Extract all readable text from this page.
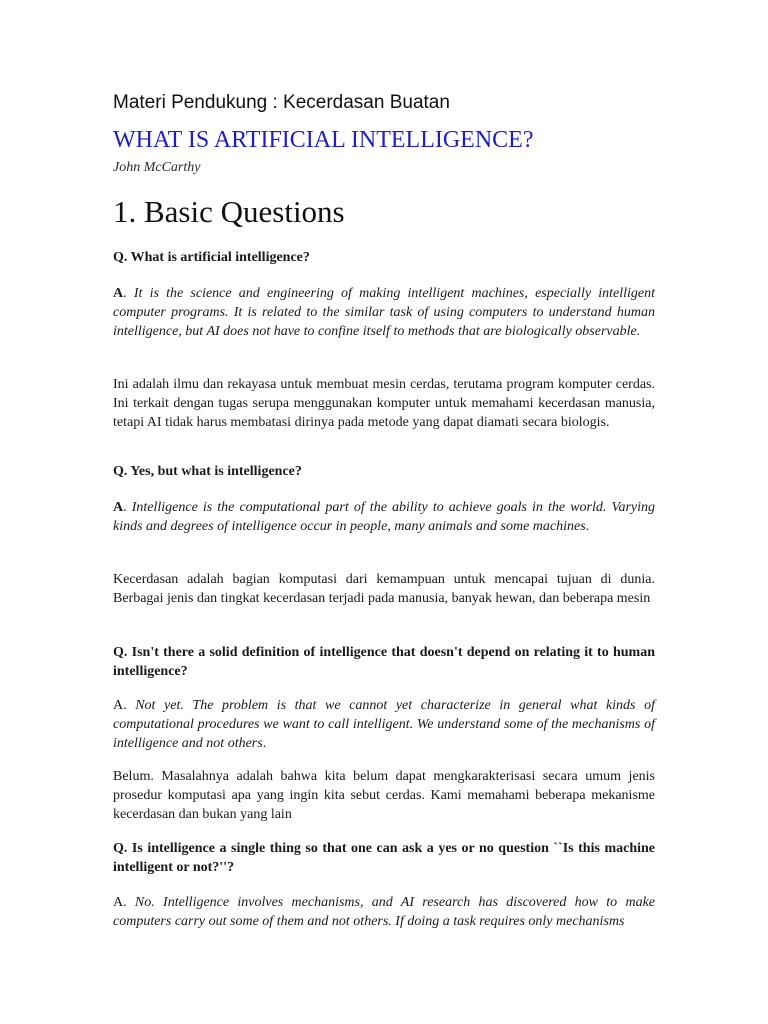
Materi Pendukung : Kecerdasan Buatan
WHAT IS ARTIFICIAL INTELLIGENCE?

John McCarthy

1. Basic Questions

Q. What is artificial intelligence?

A. It is the science and engineering of making intelligent machines, especially intelligent computer programs. It is related to the similar task of using computers to understand human intelligence, but AI does not have to confine itself to methods that are biologically observable.

Ini adalah ilmu dan rekayasa untuk membuat mesin cerdas, terutama program komputer cerdas. Ini terkait dengan tugas serupa menggunakan komputer untuk memahami kecerdasan manusia, tetapi AI tidak harus membatasi dirinya pada metode yang dapat diamati secara biologis.

Q. Yes, but what is intelligence?

A. Intelligence is the computational part of the ability to achieve goals in the world. Varying kinds and degrees of intelligence occur in people, many animals and some machines.

Kecerdasan adalah bagian komputasi dari kemampuan untuk mencapai tujuan di dunia. Berbagai jenis dan tingkat kecerdasan terjadi pada manusia, banyak hewan, dan beberapa mesin

Q. Isn't there a solid definition of intelligence that doesn't depend on relating it to human intelligence?

A. Not yet. The problem is that we cannot yet characterize in general what kinds of computational procedures we want to call intelligent. We understand some of the mechanisms of intelligence and not others.

Belum. Masalahnya adalah bahwa kita belum dapat mengkarakterisasi secara umum jenis prosedur komputasi apa yang ingin kita sebut cerdas. Kami memahami beberapa mekanisme kecerdasan dan bukan yang lain

Q. Is intelligence a single thing so that one can ask a yes or no question ``Is this machine intelligent or not?''?

A. No. Intelligence involves mechanisms, and AI research has discovered how to make computers carry out some of them and not others. If doing a task requires only mechanisms
